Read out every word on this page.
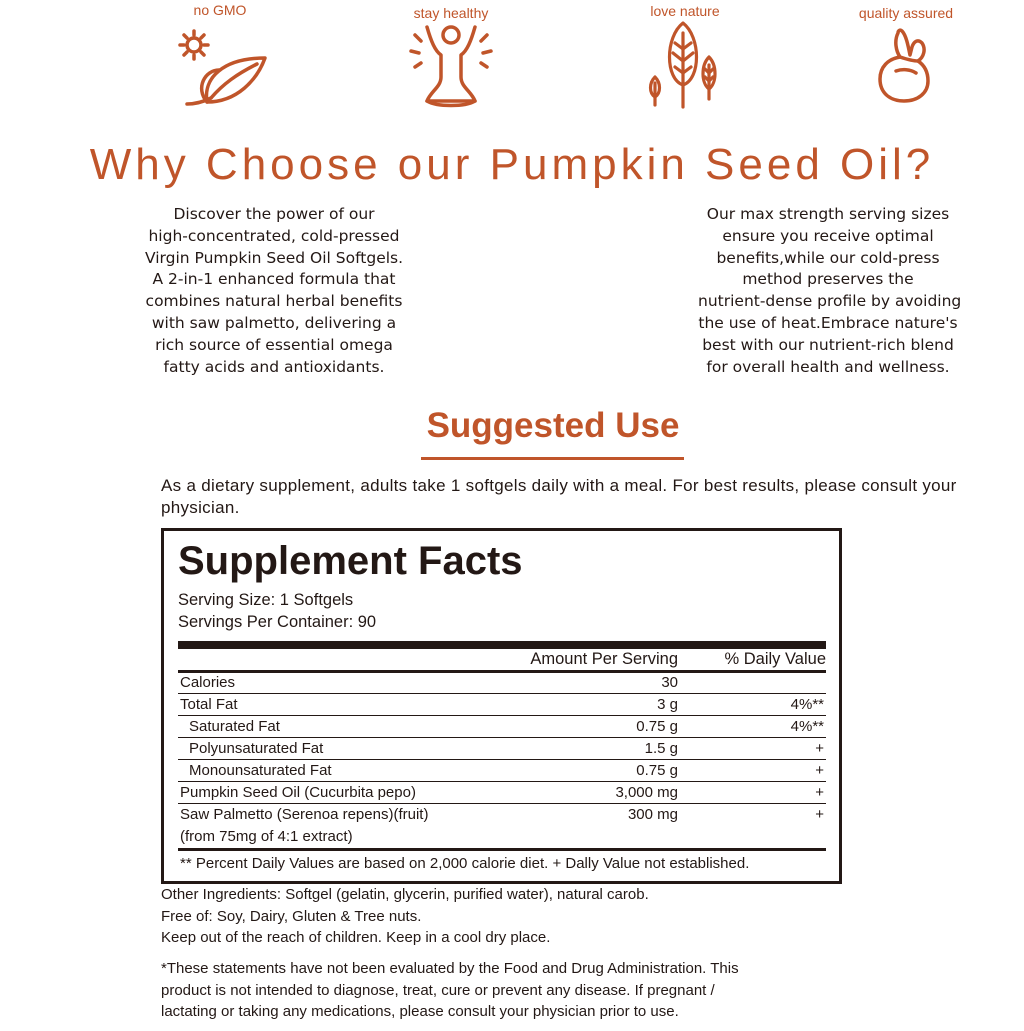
no GMO	stay healthy	love nature	quality assured
Why Choose our Pumpkin Seed Oil?
Discover the power of our
high-concentrated, cold-pressed
Virgin Pumpkin Seed Oil Softgels.
A 2-in-1 enhanced formula that
combines natural herbal benefits
with saw palmetto, delivering a
rich source of essential omega
fatty acids and antioxidants.
Our max strength serving sizes
ensure you receive optimal
benefits,while our cold-press
method preserves the
nutrient-dense profile by avoiding
the use of heat.Embrace nature's
best with our nutrient-rich blend
for overall health and wellness.
Suggested Use
As a dietary supplement, adults take 1 softgels daily with a meal. For best results, please consult your physician.
Supplement Facts
Serving Size: 1 Softgels
Servings Per Container: 90
Amount Per Serving	% Daily Value
Calories	30
Total Fat	3 g	4%**
Saturated Fat	0.75 g	4%**
Polyunsaturated Fat	1.5 g	+
Monounsaturated Fat	0.75 g	+
Pumpkin Seed Oil (Cucurbita pepo)	3,000 mg	+
Saw Palmetto (Serenoa repens)(fruit)
(from 75mg of 4:1 extract)
300 mg	+
** Percent Daily Values are based on 2,000 calorie diet. + Dally Value not established.
Other Ingredients: Softgel (gelatin, glycerin, purified water), natural carob.
Free of: Soy, Dairy, Gluten & Tree nuts.
Keep out of the reach of children. Keep in a cool dry place.
*These statements have not been evaluated by the Food and Drug Administration. This
product is not intended to diagnose, treat, cure or prevent any disease. If pregnant /
lactating or taking any medications, please consult your physician prior to use.
